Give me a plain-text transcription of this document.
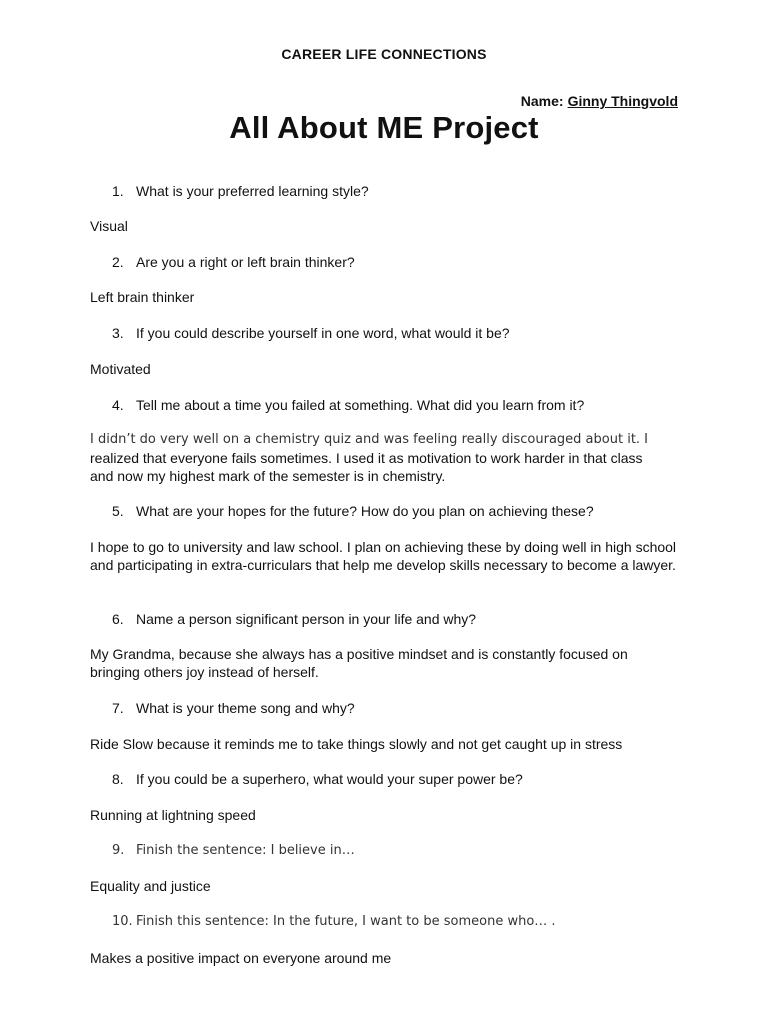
CAREER LIFE CONNECTIONS
Name: Ginny Thingvold
All About ME Project
1. What is your preferred learning style?
Visual
2. Are you a right or left brain thinker?
Left brain thinker
3. If you could describe yourself in one word, what would it be?
Motivated
4. Tell me about a time you failed at something. What did you learn from it?
I didn’t do very well on a chemistry quiz and was feeling really discouraged about it. I
realized that everyone fails sometimes. I used it as motivation to work harder in that class and now my highest mark of the semester is in chemistry.
5. What are your hopes for the future? How do you plan on achieving these?
I hope to go to university and law school. I plan on achieving these by doing well in high school and participating in extra-curriculars that help me develop skills necessary to become a lawyer.
6. Name a person significant person in your life and why?
My Grandma, because she always has a positive mindset and is constantly focused on bringing others joy instead of herself.
7. What is your theme song and why?
Ride Slow because it reminds me to take things slowly and not get caught up in stress
8. If you could be a superhero, what would your super power be?
Running at lightning speed
9. Finish the sentence: I believe in…
Equality and justice
10. Finish this sentence: In the future, I want to be someone who… .
Makes a positive impact on everyone around me
